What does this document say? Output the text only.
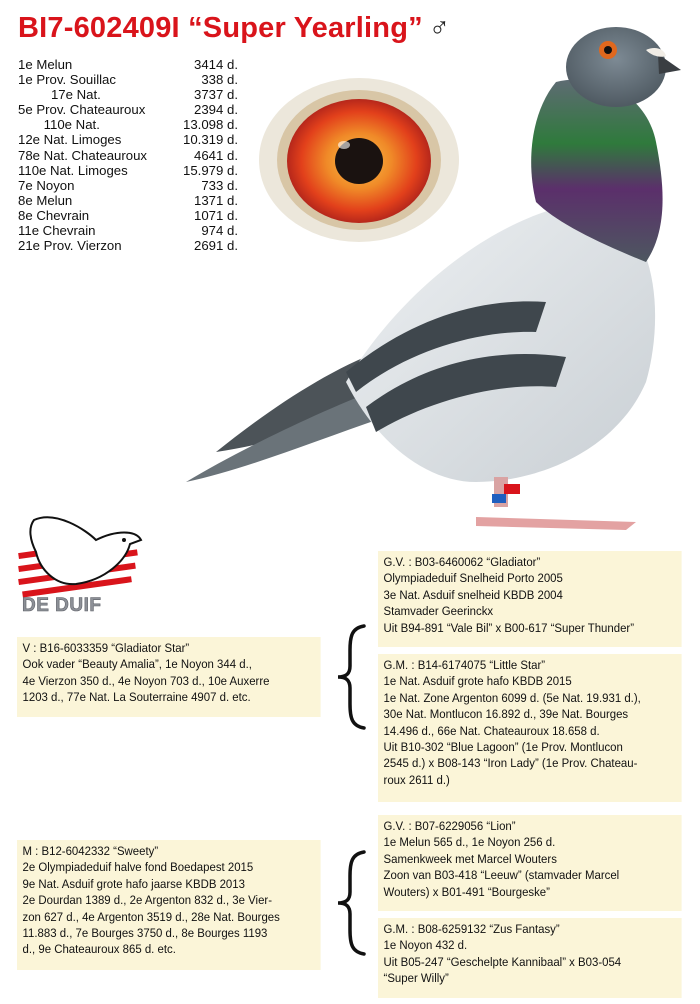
BI7-602409I “Super Yearling” ♂
1e Melun	3414 d.
1e Prov. Souillac	338 d.
17e Nat.	3737 d.
5e Prov. Chateauroux	2394 d.
110e Nat.	13.098 d.
12e Nat. Limoges	10.319 d.
78e Nat. Chateauroux	4641 d.
110e Nat. Limoges	15.979 d.
7e Noyon	733 d.
8e Melun	1371 d.
8e Chevrain	1071 d.
11e Chevrain	974 d.
21e Prov. Vierzon	2691 d.
DE DUIF
V : B16-6033359 “Gladiator Star”
Ook vader “Beauty Amalia”, 1e Noyon 344 d.,
4e Vierzon 350 d., 4e Noyon 703 d., 10e Auxerre
1203 d., 77e Nat. La Souterraine 4907 d. etc.
G.V. : B03-6460062 “Gladiator”
Olympiadeduif Snelheid Porto 2005
3e Nat. Asduif snelheid KBDB 2004
Stamvader Geerinckx
Uit B94-891 “Vale Bil” x B00-617 “Super Thunder”
G.M. : B14-6174075 “Little Star”
1e Nat. Asduif grote hafo KBDB 2015
1e Nat. Zone Argenton 6099 d. (5e Nat. 19.931 d.),
30e Nat. Montlucon 16.892 d., 39e Nat. Bourges
14.496 d., 66e Nat. Chateauroux 18.658 d.
Uit B10-302 “Blue Lagoon” (1e Prov. Montlucon
2545 d.) x B08-143 “Iron Lady” (1e Prov. Chateau-
roux 2611 d.)
M : B12-6042332 “Sweety”
2e Olympiadeduif halve fond Boedapest 2015
9e Nat. Asduif grote hafo jaarse KBDB 2013
2e Dourdan 1389 d., 2e Argenton 832 d., 3e Vier-
zon 627 d., 4e Argenton 3519 d., 28e Nat. Bourges
11.883 d., 7e Bourges 3750 d., 8e Bourges 1193
d., 9e Chateauroux 865 d. etc.
G.V. : B07-6229056 “Lion”
1e Melun 565 d., 1e Noyon 256 d.
Samenkweek met Marcel Wouters
Zoon van B03-418 “Leeuw” (stamvader Marcel
Wouters) x B01-491 “Bourgeske”
G.M. : B08-6259132 “Zus Fantasy”
1e Noyon 432 d.
Uit B05-247 “Geschelpte Kannibaal” x B03-054
“Super Willy”
